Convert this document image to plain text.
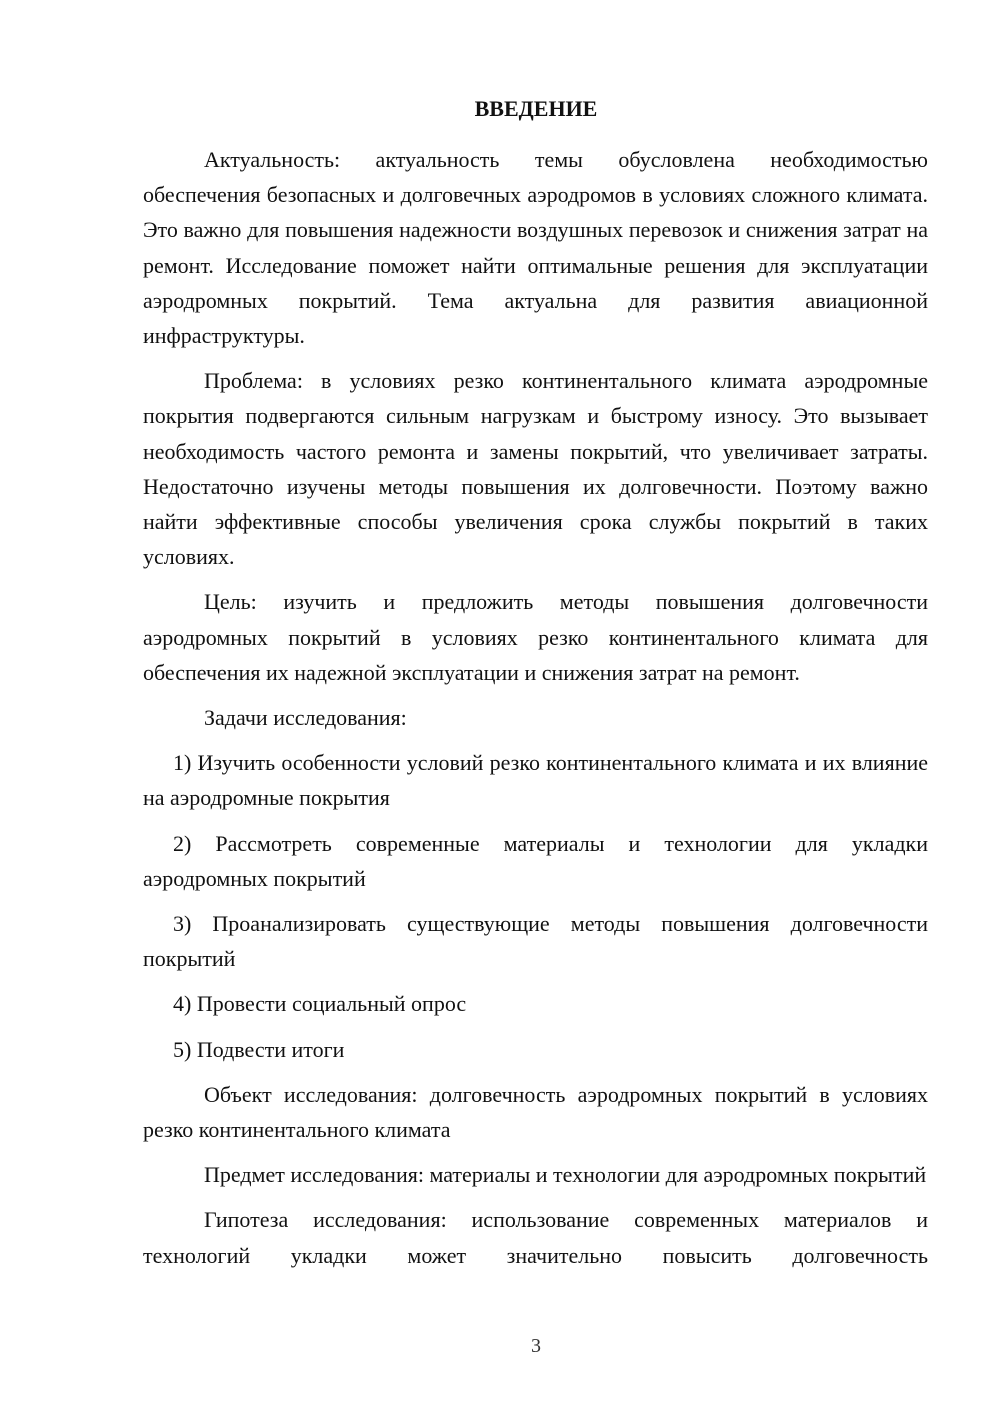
ВВЕДЕНИЕ

Актуальность: актуальность темы обусловлена необходимостью обеспечения безопасных и долговечных аэродромов в условиях сложного климата. Это важно для повышения надежности воздушных перевозок и снижения затрат на ремонт. Исследование поможет найти оптимальные решения для эксплуатации аэродромных покрытий. Тема актуальна для развития авиационной инфраструктуры.

Проблема: в условиях резко континентального климата аэродромные покрытия подвергаются сильным нагрузкам и быстрому износу. Это вызывает необходимость частого ремонта и замены покрытий, что увеличивает затраты. Недостаточно изучены методы повышения их долговечности. Поэтому важно найти эффективные способы увеличения срока службы покрытий в таких условиях.

Цель: изучить и предложить методы повышения долговечности аэродромных покрытий в условиях резко континентального климата для обеспечения их надежной эксплуатации и снижения затрат на ремонт.

Задачи исследования:

1) Изучить особенности условий резко континентального климата и их влияние на аэродромные покрытия

2) Рассмотреть современные материалы и технологии для укладки аэродромных покрытий

3) Проанализировать существующие методы повышения долговечности покрытий

4) Провести социальный опрос

5) Подвести итоги

Объект исследования: долговечность аэродромных покрытий в условиях резко континентального климата

Предмет исследования: материалы и технологии для аэродромных покрытий

Гипотеза исследования: использование современных материалов и технологий укладки может значительно повысить долговечность

3
